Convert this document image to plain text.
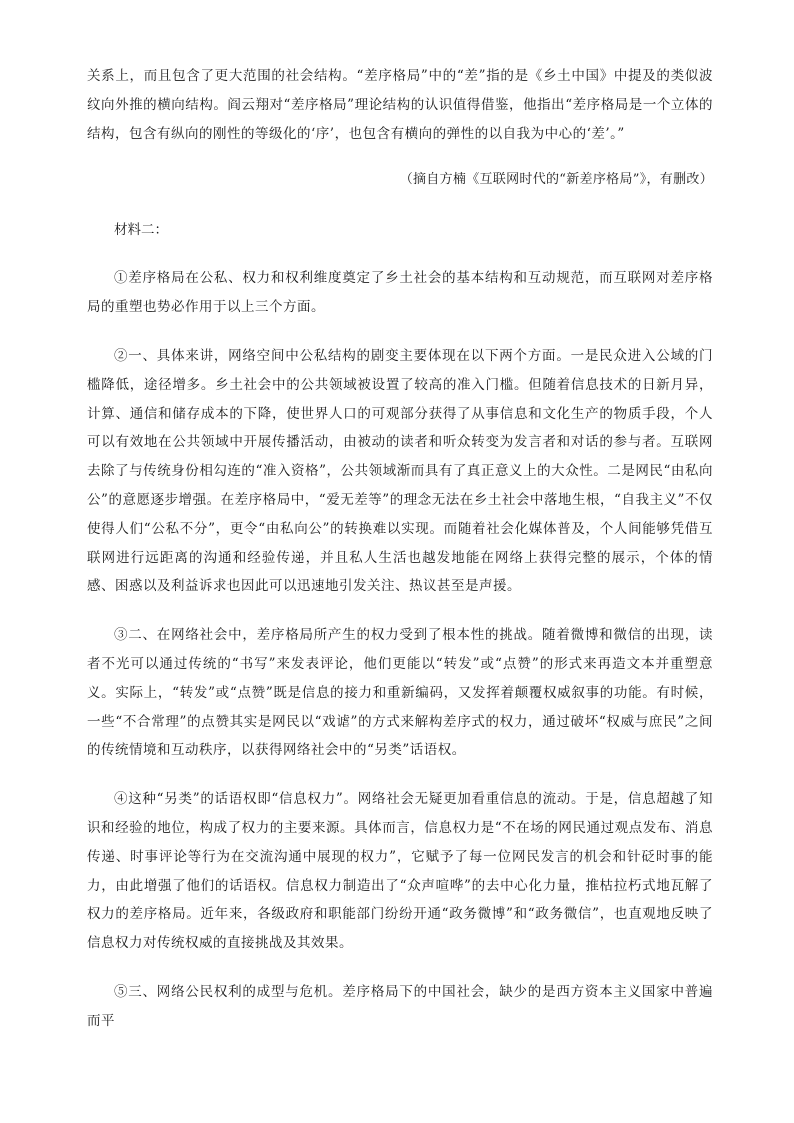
关系上，而且包含了更大范围的社会结构。“差序格局”中的“差”指的是《乡土中国》中提及的类似波纹向外推的横向结构。阎云翔对“差序格局”理论结构的认识值得借鉴，他指出“差序格局是一个立体的结构，包含有纵向的刚性的等级化的‘序’，也包含有横向的弹性的以自我为中心的‘差’。”

（摘自方楠《互联网时代的“新差序格局”》，有删改）

材料二：

①差序格局在公私、权力和权利维度奠定了乡土社会的基本结构和互动规范，而互联网对差序格局的重塑也势必作用于以上三个方面。

②一、具体来讲，网络空间中公私结构的剧变主要体现在以下两个方面。一是民众进入公域的门槛降低，途径增多。乡土社会中的公共领域被设置了较高的准入门槛。但随着信息技术的日新月异，计算、通信和储存成本的下降，使世界人口的可观部分获得了从事信息和文化生产的物质手段，个人可以有效地在公共领域中开展传播活动，由被动的读者和听众转变为发言者和对话的参与者。互联网去除了与传统身份相勾连的“准入资格”，公共领域渐而具有了真正意义上的大众性。二是网民“由私向公”的意愿逐步增强。在差序格局中，“爱无差等”的理念无法在乡土社会中落地生根，“自我主义”不仅使得人们“公私不分”，更令“由私向公”的转换难以实现。而随着社会化媒体普及，个人间能够凭借互联网进行远距离的沟通和经验传递，并且私人生活也越发地能在网络上获得完整的展示，个体的情感、困惑以及利益诉求也因此可以迅速地引发关注、热议甚至是声援。

③二、在网络社会中，差序格局所产生的权力受到了根本性的挑战。随着微博和微信的出现，读者不光可以通过传统的“书写”来发表评论，他们更能以“转发”或“点赞”的形式来再造文本并重塑意义。实际上，“转发”或“点赞”既是信息的接力和重新编码，又发挥着颠覆权威叙事的功能。有时候，一些“不合常理”的点赞其实是网民以“戏谑”的方式来解构差序式的权力，通过破坏“权威与庶民”之间的传统情境和互动秩序，以获得网络社会中的“另类”话语权。

④这种“另类”的话语权即“信息权力”。网络社会无疑更加看重信息的流动。于是，信息超越了知识和经验的地位，构成了权力的主要来源。具体而言，信息权力是“不在场的网民通过观点发布、消息传递、时事评论等行为在交流沟通中展现的权力”，它赋予了每一位网民发言的机会和针砭时事的能力，由此增强了他们的话语权。信息权力制造出了“众声喧哗”的去中心化力量，推枯拉朽式地瓦解了权力的差序格局。近年来，各级政府和职能部门纷纷开通“政务微博”和“政务微信”，也直观地反映了信息权力对传统权威的直接挑战及其效果。

⑤三、网络公民权利的成型与危机。差序格局下的中国社会，缺少的是西方资本主义国家中普遍而平
